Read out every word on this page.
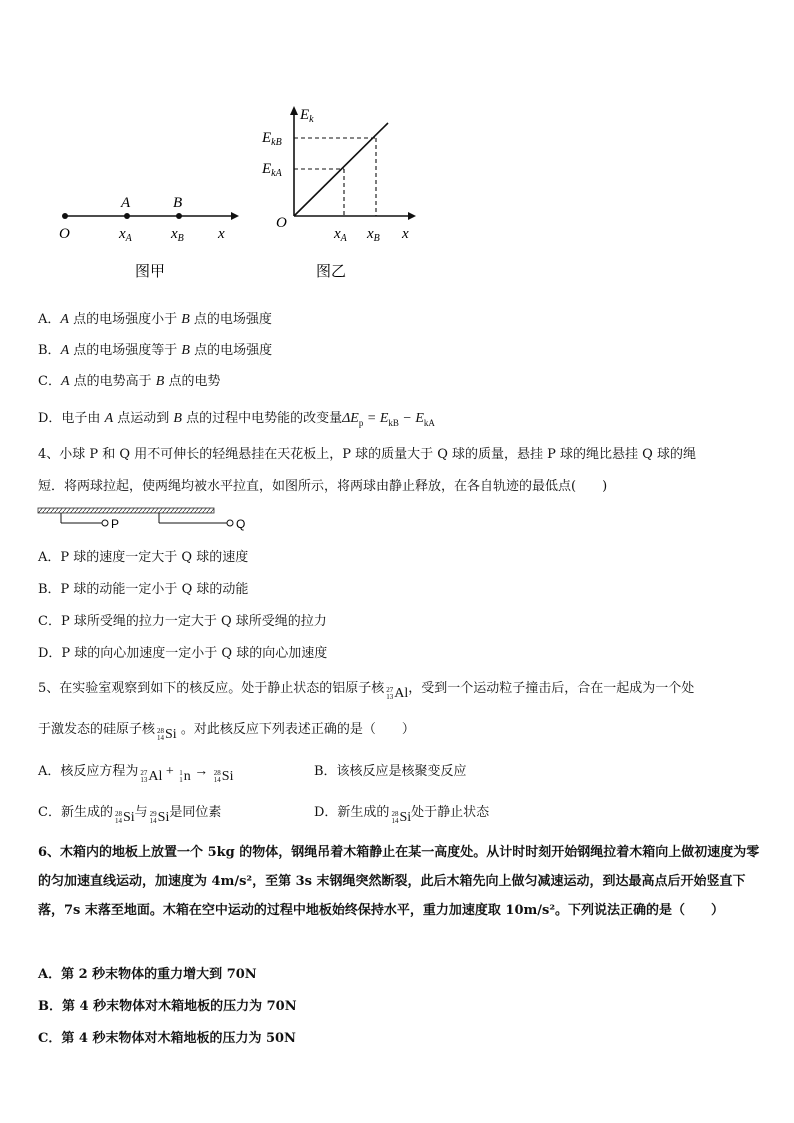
A	B
O	$x_A$	$x_B$ x
图甲
$E_k$
$E_{kB}$
$E_{kA}$
O
$x_A$ $x_B$ x
图乙
A．A 点的电场强度小于 B 点的电场强度
B．A 点的电场强度等于 B 点的电场强度
C．A 点的电势高于 B 点的电势
D．电子由 A 点运动到 B 点的过程中电势能的改变量$\Delta E_p = E_{kB} - E_{kA}$
4、小球 P 和 Q 用不可伸长的轻绳悬挂在天花板上，P 球的质量大于 Q 球的质量，悬挂 P 球的绳比悬挂 Q 球的绳
短．将两球拉起，使两绳均被水平拉直，如图所示，将两球由静止释放，在各自轨迹的最低点(　　)
P	Q
A．P 球的速度一定大于 Q 球的速度
B．P 球的动能一定小于 Q 球的动能
C．P 球所受绳的拉力一定大于 Q 球所受绳的拉力
D．P 球的向心加速度一定小于 Q 球的向心加速度
5、在实验室观察到如下的核反应。处于静止状态的铝原子核 27
13 Al ，受到一个运动粒子撞击后，合在一起成为一个处
于激发态的硅原子核 28
14 Si 。对此核反应下列表述正确的是（　　）
A．核反应方程为 27
13 Al + 1
1 n → 28
14 Si	B．该核反应是核聚变反应
C．新生成的 28
14 Si 与 29
14 Si 是同位素	D．新生成的 28
14 Si 处于静止状态
6、木箱内的地板上放置一个 5kg 的物体，钢绳吊着木箱静止在某一高度处。从计时时刻开始钢绳拉着木箱向上做初速度为零的匀加速直线运动，加速度为 4m/s²，至第 3s 末钢绳突然断裂，此后木箱先向上做匀减速运动，到达最高点后开始竖直下落，7s 末落至地面。木箱在空中运动的过程中地板始终保持水平，重力加速度取 10m/s²。下列说法正确的是（　　）
A．第 2 秒末物体的重力增大到 70N
B．第 4 秒末物体对木箱地板的压力为 70N
C．第 4 秒末物体对木箱地板的压力为 50N
